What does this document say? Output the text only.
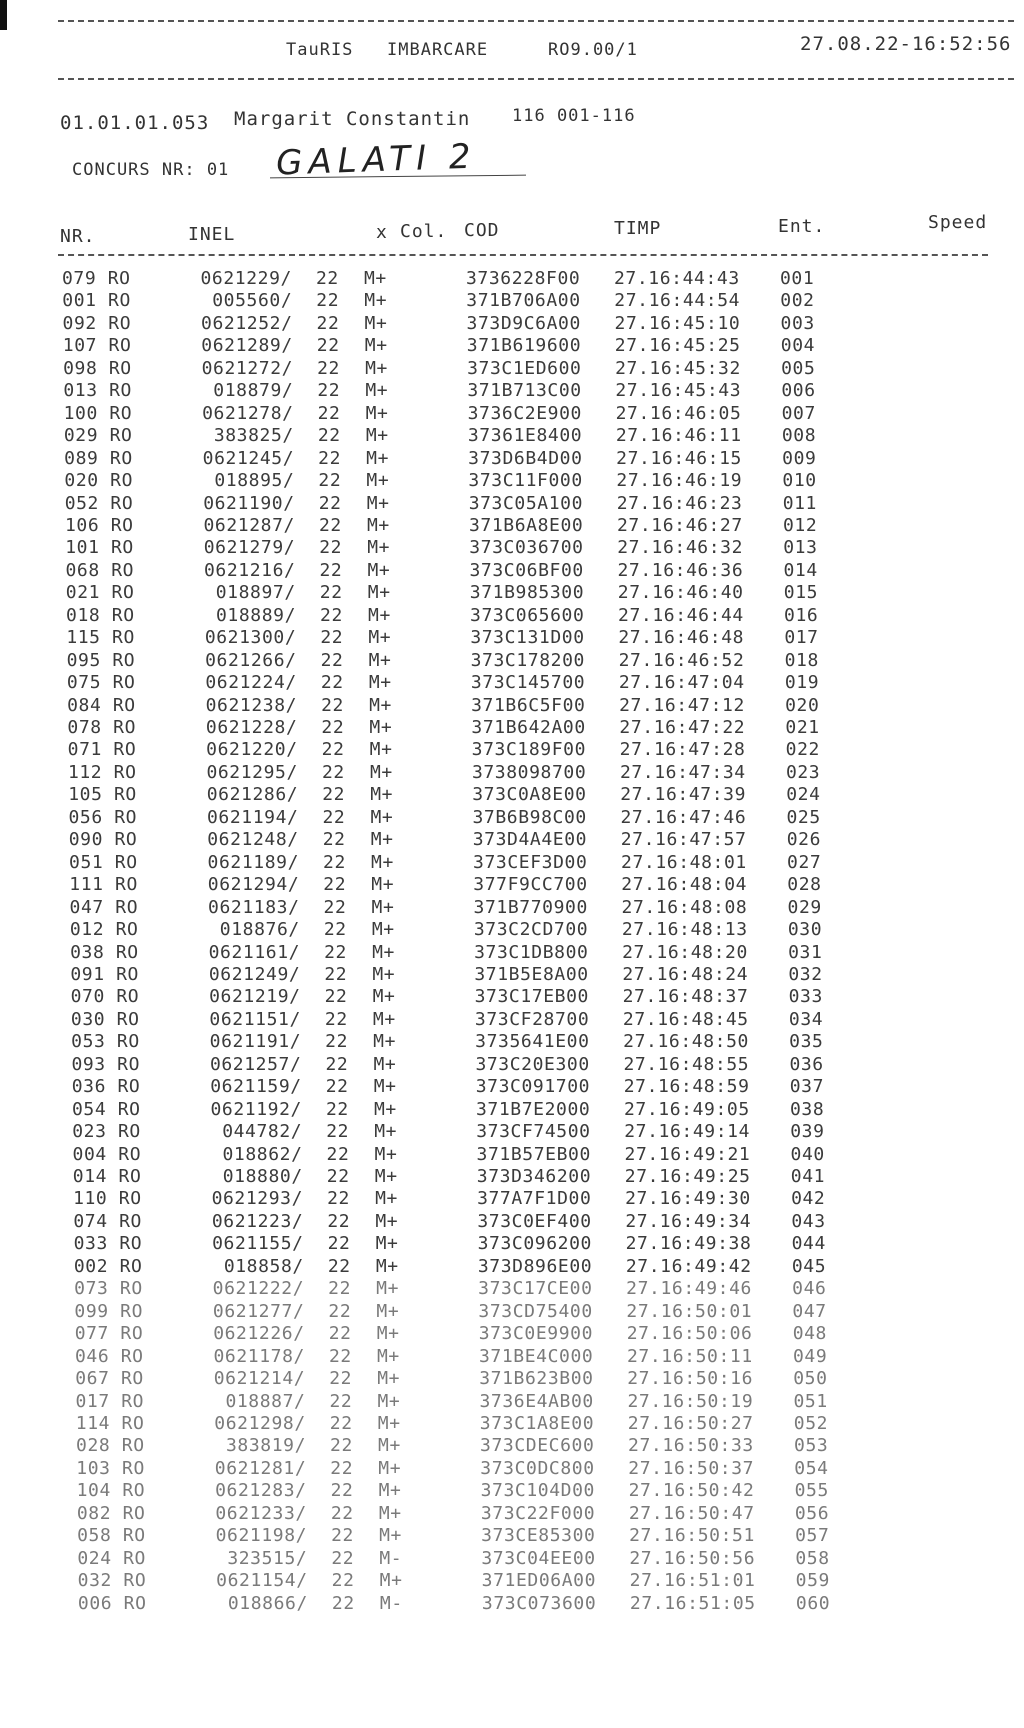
TauRIS IMBARCARE	RO9.00/1	27.08.22-16:52:56
01.01.01.053 Margarit Constantin 116 001-116
CONCURS NR: 01 GALATI 2
NR.	INEL	x Col. COD	TIMP	Ent.	Speed
079 RO	0621229/ 22 M+	3736228F00 27.16:44:43 001
001 RO	005560/ 22 M+	371B706A00 27.16:44:54 002
092 RO	0621252/ 22 M+	373D9C6A00 27.16:45:10 003
107 RO	0621289/ 22 M+	371B619600 27.16:45:25 004
098 RO	0621272/ 22 M+	373C1ED600 27.16:45:32 005
013 RO	018879/ 22 M+	371B713C00 27.16:45:43 006
100 RO	0621278/ 22 M+	3736C2E900 27.16:46:05 007
029 RO	383825/ 22 M+	37361E8400 27.16:46:11 008
089 RO	0621245/ 22 M+	373D6B4D00 27.16:46:15 009
020 RO	018895/ 22 M+	373C11F000 27.16:46:19 010
052 RO	0621190/ 22 M+	373C05A100 27.16:46:23 011
106 RO	0621287/ 22 M+	371B6A8E00 27.16:46:27 012
101 RO	0621279/ 22 M+	373C036700 27.16:46:32 013
068 RO	0621216/ 22 M+	373C06BF00 27.16:46:36 014
021 RO	018897/ 22 M+	371B985300 27.16:46:40 015
018 RO	018889/ 22 M+	373C065600 27.16:46:44 016
115 RO	0621300/ 22 M+	373C131D00 27.16:46:48 017
095 RO	0621266/ 22 M+	373C178200 27.16:46:52 018
075 RO	0621224/ 22 M+	373C145700 27.16:47:04 019
084 RO	0621238/ 22 M+	371B6C5F00 27.16:47:12 020
078 RO	0621228/ 22 M+	371B642A00 27.16:47:22 021
071 RO	0621220/ 22 M+	373C189F00 27.16:47:28 022
112 RO	0621295/ 22 M+	3738098700 27.16:47:34 023
105 RO	0621286/ 22 M+	373C0A8E00 27.16:47:39 024
056 RO	0621194/ 22 M+	37B6B98C00 27.16:47:46 025
090 RO	0621248/ 22 M+	373D4A4E00 27.16:47:57 026
051 RO	0621189/ 22 M+	373CEF3D00 27.16:48:01 027
111 RO	0621294/ 22 M+	377F9CC700 27.16:48:04 028
047 RO	0621183/ 22 M+	371B770900 27.16:48:08 029
012 RO	018876/ 22 M+	373C2CD700 27.16:48:13 030
038 RO	0621161/ 22 M+	373C1DB800 27.16:48:20 031
091 RO	0621249/ 22 M+	371B5E8A00 27.16:48:24 032
070 RO	0621219/ 22 M+	373C17EB00 27.16:48:37 033
030 RO	0621151/ 22 M+	373CF28700 27.16:48:45 034
053 RO	0621191/ 22 M+	3735641E00 27.16:48:50 035
093 RO	0621257/ 22 M+	373C20E300 27.16:48:55 036
036 RO	0621159/ 22 M+	373C091700 27.16:48:59 037
054 RO	0621192/ 22 M+	371B7E2000 27.16:49:05 038
023 RO	044782/ 22 M+	373CF74500 27.16:49:14 039
004 RO	018862/ 22 M+	371B57EB00 27.16:49:21 040
014 RO	018880/ 22 M+	373D346200 27.16:49:25 041
110 RO	0621293/ 22 M+	377A7F1D00 27.16:49:30 042
074 RO	0621223/ 22 M+	373C0EF400 27.16:49:34 043
033 RO	0621155/ 22 M+	373C096200 27.16:49:38 044
002 RO	018858/ 22 M+	373D896E00 27.16:49:42 045
073 RO	0621222/ 22 M+	373C17CE00 27.16:49:46 046
099 RO	0621277/ 22 M+	373CD75400 27.16:50:01 047
077 RO	0621226/ 22 M+	373C0E9900 27.16:50:06 048
046 RO	0621178/ 22 M+	371BE4C000 27.16:50:11 049
067 RO	0621214/ 22 M+	371B623B00 27.16:50:16 050
017 RO	018887/ 22 M+	3736E4AB00 27.16:50:19 051
114 RO	0621298/ 22 M+	373C1A8E00 27.16:50:27 052
028 RO	383819/ 22 M+	373CDEC600 27.16:50:33 053
103 RO	0621281/ 22 M+	373C0DC800 27.16:50:37 054
104 RO	0621283/ 22 M+	373C104D00 27.16:50:42 055
082 RO	0621233/ 22 M+	373C22F000 27.16:50:47 056
058 RO	0621198/ 22 M+	373CE85300 27.16:50:51 057
024 RO	323515/ 22 M-	373C04EE00 27.16:50:56 058
032 RO	0621154/ 22 M+	371ED06A00 27.16:51:01 059
006 RO	018866/ 22 M-	373C073600 27.16:51:05 060
